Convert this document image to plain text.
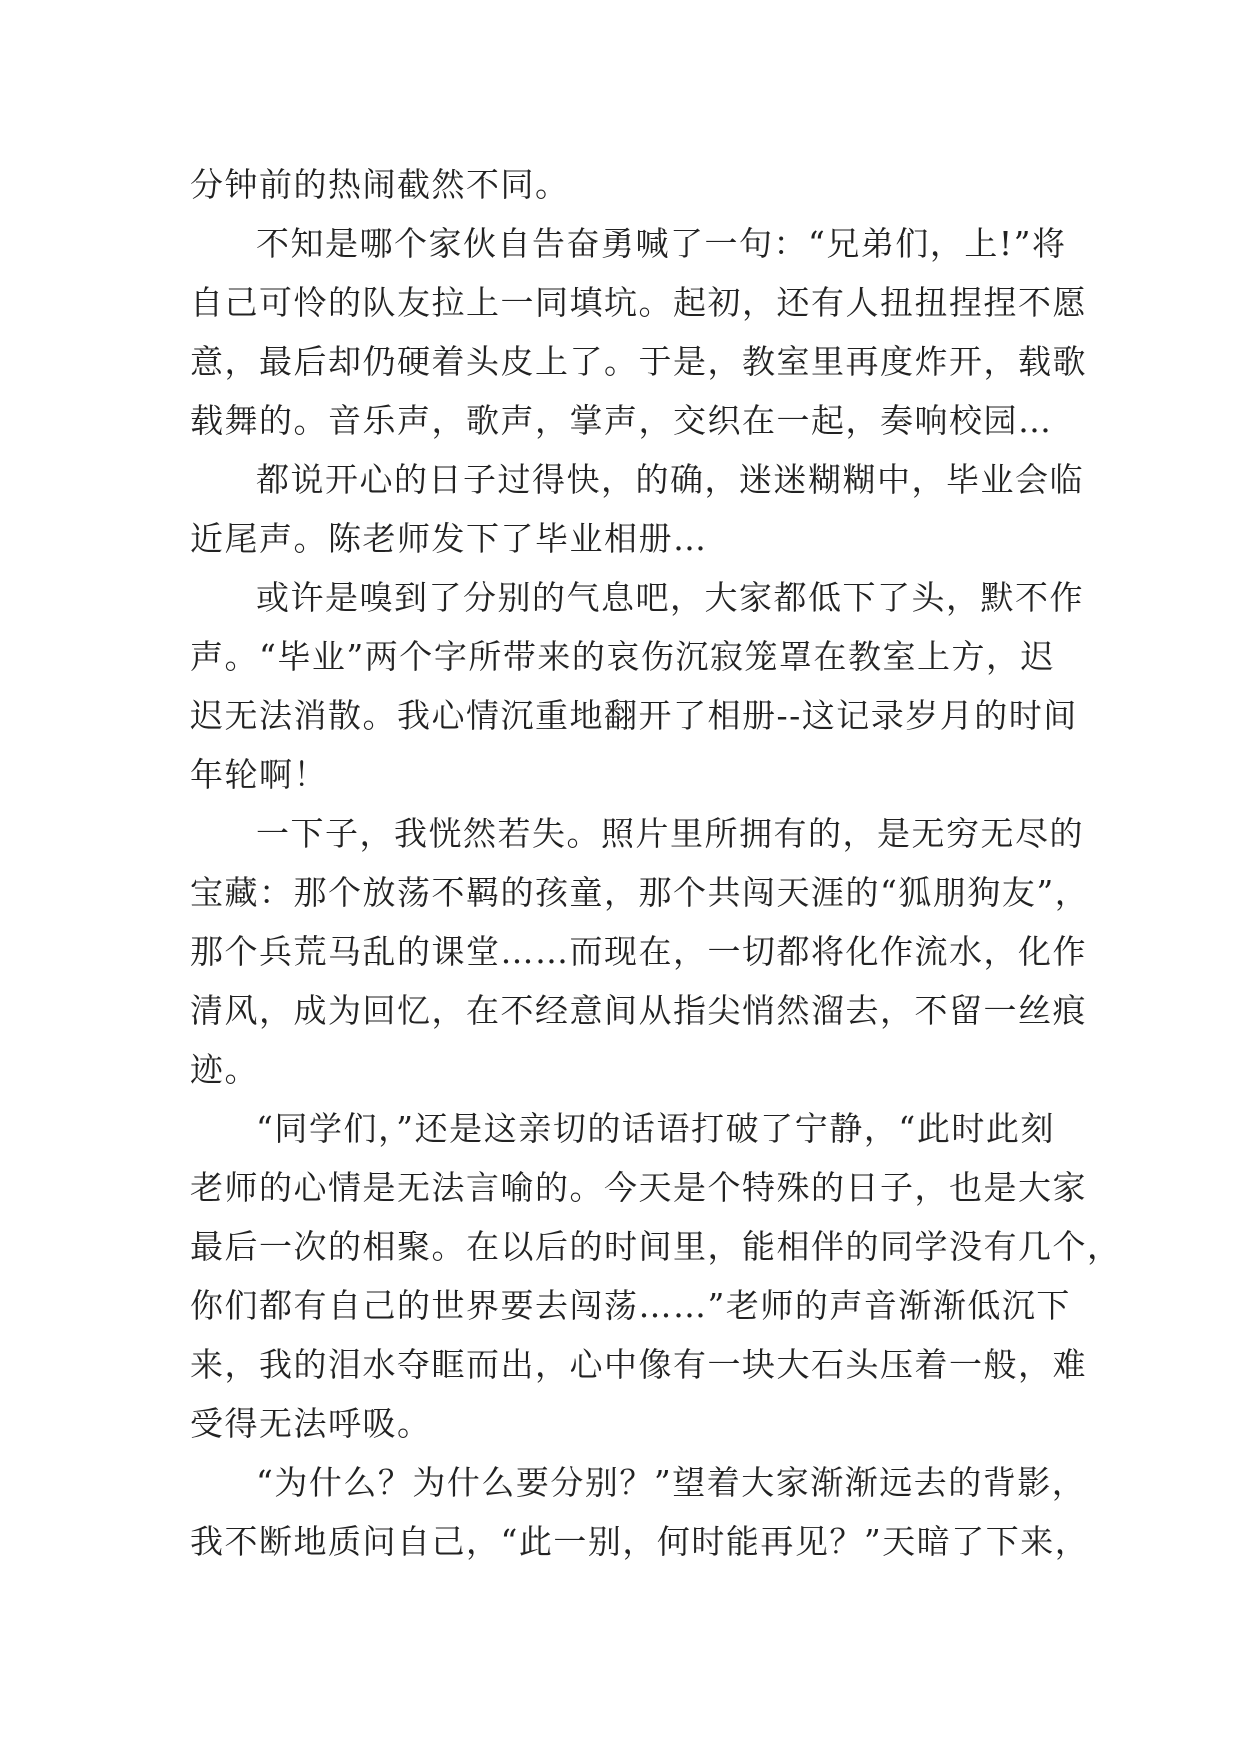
分钟前的热闹截然不同。
不知是哪个家伙自告奋勇喊了一句：“兄弟们，上!”将
自己可怜的队友拉上一同填坑。起初，还有人扭扭捏捏不愿
意，最后却仍硬着头皮上了。于是，教室里再度炸开，载歌
载舞的。音乐声，歌声，掌声，交织在一起，奏响校园…
都说开心的日子过得快，的确，迷迷糊糊中，毕业会临
近尾声。陈老师发下了毕业相册…
或许是嗅到了分别的气息吧，大家都低下了头，默不作
声。“毕业”两个字所带来的哀伤沉寂笼罩在教室上方，迟
迟无法消散。我心情沉重地翻开了相册--这记录岁月的时间
年轮啊！
一下子，我恍然若失。照片里所拥有的，是无穷无尽的
宝藏：那个放荡不羁的孩童，那个共闯天涯的“狐朋狗友”，
那个兵荒马乱的课堂……而现在，一切都将化作流水，化作
清风，成为回忆，在不经意间从指尖悄然溜去，不留一丝痕
迹。
“同学们，”还是这亲切的话语打破了宁静，“此时此刻
老师的心情是无法言喻的。今天是个特殊的日子，也是大家
最后一次的相聚。在以后的时间里，能相伴的同学没有几个，
你们都有自己的世界要去闯荡……”老师的声音渐渐低沉下
来，我的泪水夺眶而出，心中像有一块大石头压着一般，难
受得无法呼吸。
“为什么？为什么要分别？”望着大家渐渐远去的背影，
我不断地质问自己，“此一别，何时能再见？”天暗了下来，
